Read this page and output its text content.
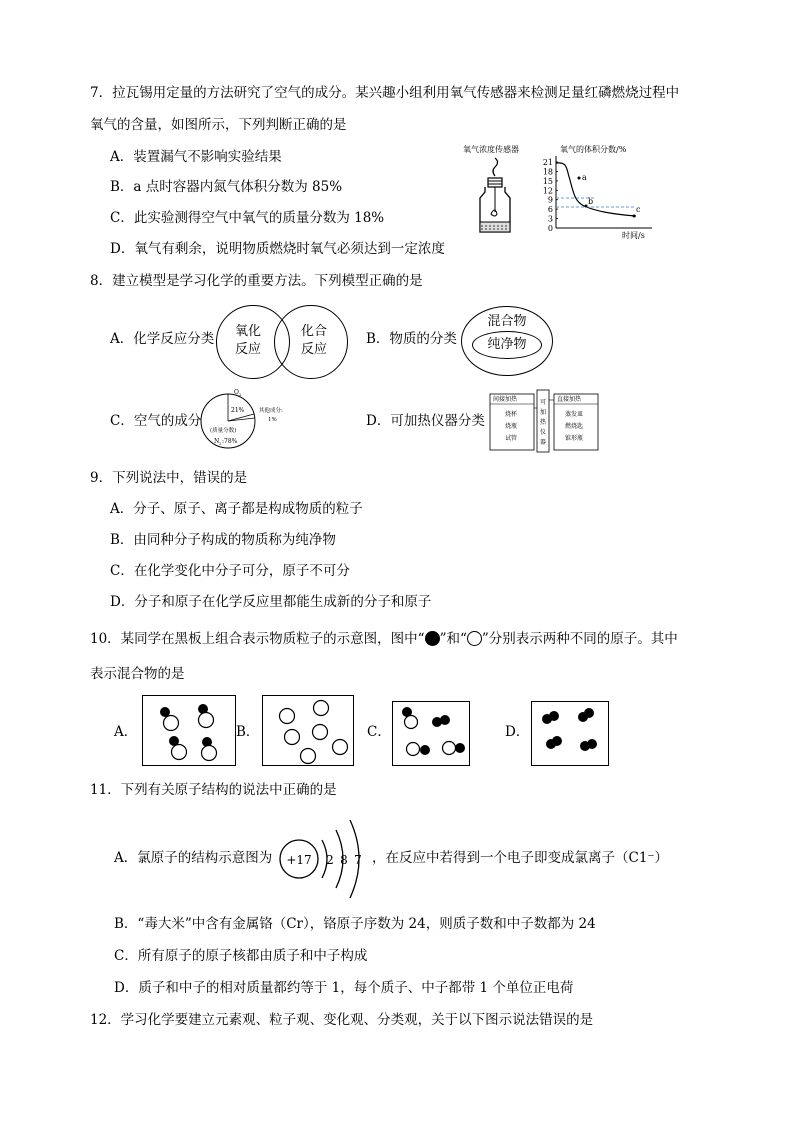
7．拉瓦锡用定量的方法研究了空气的成分。某兴趣小组利用氧气传感器来检测足量红磷燃烧过程中
氧气的含量，如图所示，下列判断正确的是
A．装置漏气不影响实验结果
B．a 点时容器内氮气体积分数为 85%
C．此实验测得空气中氧气的质量分数为 18%
D．氧气有剩余，说明物质燃烧时氧气必须达到一定浓度
氧气浓度传感器	氧气的体积分数/%
时间/s
21
18
15
12
9
6
3
0
a
b
c
8．建立模型是学习化学的重要方法。下列模型正确的是
A．化学反应分类	氧化
反应
化合
反应
B．物质的分类
混合物
纯净物
C．空气的成分
O 2
21%	其他成分:
1%
(质量分数)
N 2 :78%
D．可加热仪器分类
间接加热
烧杯
烧瓶
试管
可
加
热
仪
器
直接加热
蒸发皿
燃烧匙
锥形瓶
9．下列说法中，错误的是
A．分子、原子、离子都是构成物质的粒子
B．由同种分子构成的物质称为纯净物
C．在化学变化中分子可分，原子不可分
D．分子和原子在化学反应里都能生成新的分子和原子
10．某同学在黑板上组合表示物质粒子的示意图，图中“ ”和“ ”分别表示两种不同的原子。其中
表示混合物的是
A．	B．	C．	D．
11．下列有关原子结构的说法中正确的是
A．氯原子的结构示意图为 +17 2 8 7 ，在反应中若得到一个电子即变成氯离子（C1⁻）
B．“毒大米”中含有金属铬（Cr），铬原子序数为 24，则质子数和中子数都为 24
C．所有原子的原子核都由质子和中子构成
D．质子和中子的相对质量都约等于 1，每个质子、中子都带 1 个单位正电荷
12．学习化学要建立元素观、粒子观、变化观、分类观，关于以下图示说法错误的是
